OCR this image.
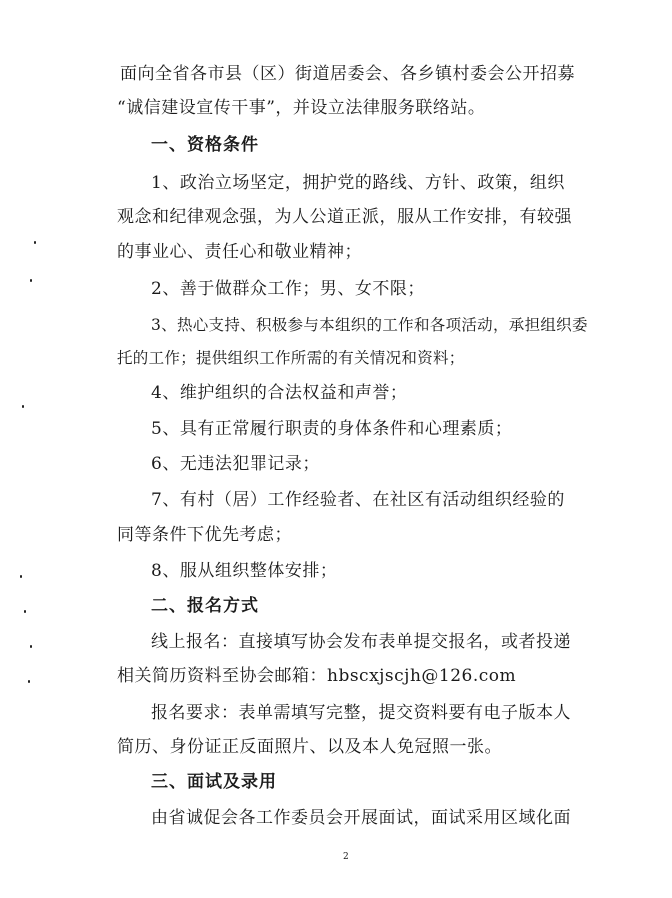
面向全省各市县（区）街道居委会、各乡镇村委会公开招募
“诚信建设宣传干事”，并设立法律服务联络站。
一、资格条件
1、政治立场坚定，拥护党的路线、方针、政策，组织
观念和纪律观念强，为人公道正派，服从工作安排，有较强
的事业心、责任心和敬业精神；
2、善于做群众工作；男、女不限；
3、热心支持、积极参与本组织的工作和各项活动，承担组织委
托的工作；提供组织工作所需的有关情况和资料；
4、维护组织的合法权益和声誉；
5、具有正常履行职责的身体条件和心理素质；
6、无违法犯罪记录；
7、有村（居）工作经验者、在社区有活动组织经验的
同等条件下优先考虑；
8、服从组织整体安排；
二、报名方式
线上报名：直接填写协会发布表单提交报名，或者投递
相关简历资料至协会邮箱：hbscxjscjh@126.com
报名要求：表单需填写完整，提交资料要有电子版本人
简历、身份证正反面照片、以及本人免冠照一张。
三、面试及录用
由省诚促会各工作委员会开展面试，面试采用区域化面
2
